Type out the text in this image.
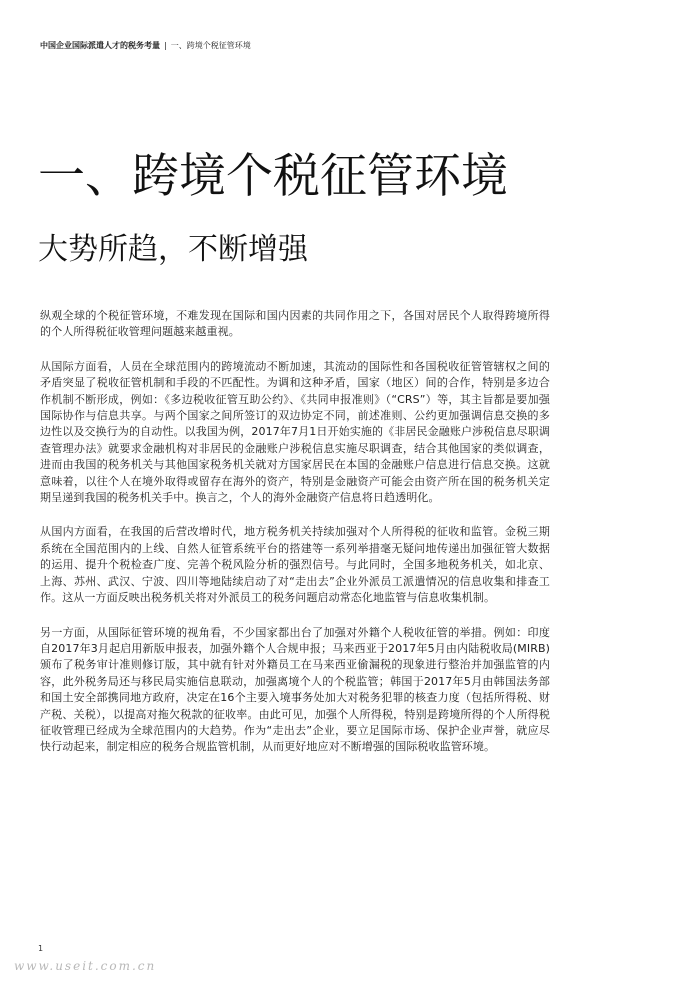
中国企业国际派遣人才的税务考量 | 一、跨境个税征管环境
一、跨境个税征管环境
大势所趋，不断增强

纵观全球的个税征管环境，不难发现在国际和国内因素的共同作用之下，各国对居民个人取得跨境所得的个人所得税征收管理问题越来越重视。

从国际方面看，人员在全球范围内的跨境流动不断加速，其流动的国际性和各国税收征管管辖权之间的矛盾突显了税收征管机制和手段的不匹配性。为调和这种矛盾，国家（地区）间的合作，特别是多边合作机制不断形成，例如：《多边税收征管互助公约》、《共同申报准则》（“CRS”）等，其主旨都是要加强国际协作与信息共享。与两个国家之间所签订的双边协定不同，前述准则、公约更加强调信息交换的多边性以及交换行为的自动性。以我国为例，2017年7月1日开始实施的《非居民金融账户涉税信息尽职调查管理办法》就要求金融机构对非居民的金融账户涉税信息实施尽职调查，结合其他国家的类似调查，进而由我国的税务机关与其他国家税务机关就对方国家居民在本国的金融账户信息进行信息交换。这就意味着，以往个人在境外取得或留存在海外的资产，特别是金融资产可能会由资产所在国的税务机关定期呈递到我国的税务机关手中。换言之，个人的海外金融资产信息将日趋透明化。

从国内方面看，在我国的后营改增时代，地方税务机关持续加强对个人所得税的征收和监管。金税三期系统在全国范围内的上线、自然人征管系统平台的搭建等一系列举措毫无疑问地传递出加强征管大数据的运用、提升个税检查广度、完善个税风险分析的强烈信号。与此同时，全国多地税务机关，如北京、上海、苏州、武汉、宁波、四川等地陆续启动了对“走出去”企业外派员工派遣情况的信息收集和排查工作。这从一方面反映出税务机关将对外派员工的税务问题启动常态化地监管与信息收集机制。

另一方面，从国际征管环境的视角看，不少国家都出台了加强对外籍个人税收征管的举措。例如：印度自2017年3月起启用新版申报表，加强外籍个人合规申报；马来西亚于2017年5月由内陆税收局(MIRB)颁布了税务审计准则修订版，其中就有针对外籍员工在马来西亚偷漏税的现象进行整治并加强监管的内容，此外税务局还与移民局实施信息联动，加强离境个人的个税监管；韩国于2017年5月由韩国法务部和国土安全部携同地方政府，决定在16个主要入境事务处加大对税务犯罪的核查力度（包括所得税、财产税、关税），以提高对拖欠税款的征收率。由此可见，加强个人所得税，特别是跨境所得的个人所得税征收管理已经成为全球范围内的大趋势。作为“走出去”企业，要立足国际市场、保护企业声誉，就应尽快行动起来，制定相应的税务合规监管机制，从而更好地应对不断增强的国际税收监管环境。

1
www.useit.com.cn
